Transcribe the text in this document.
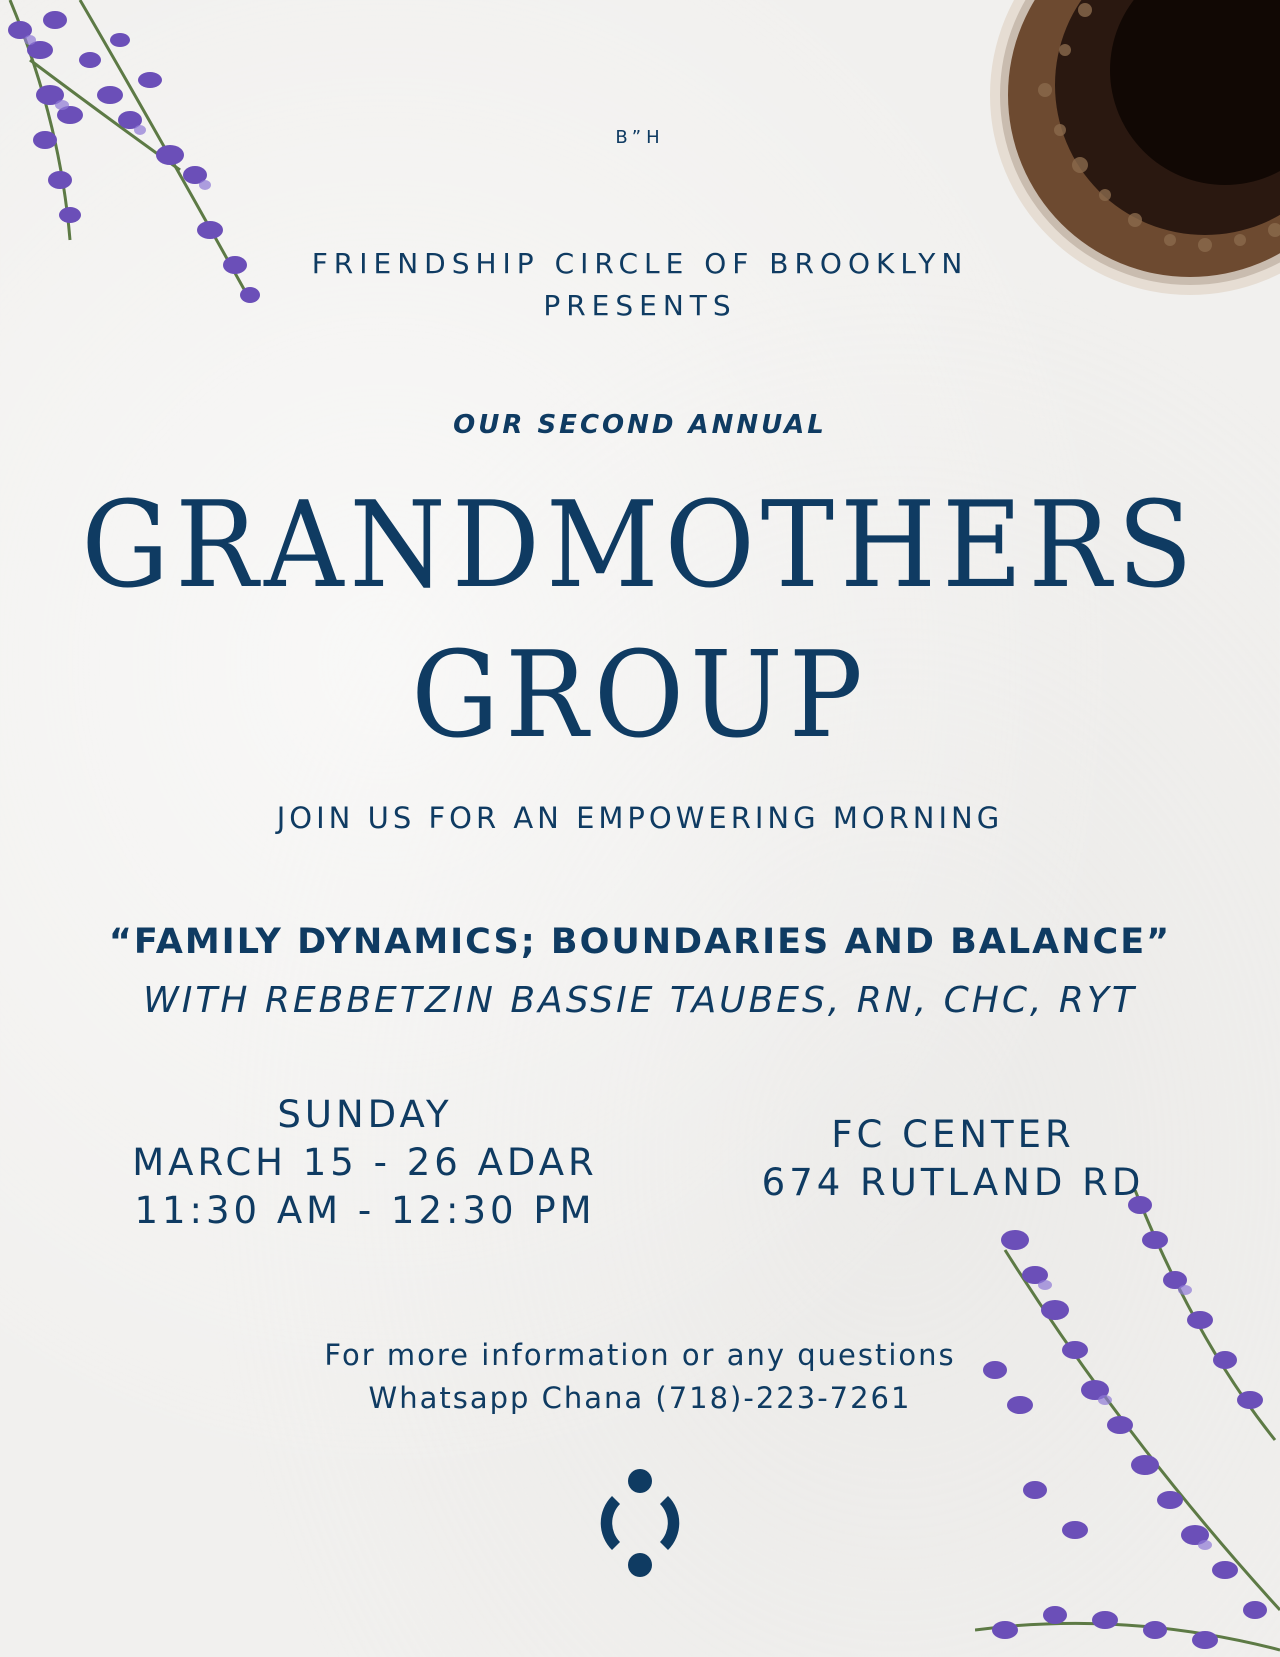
B”H
FRIENDSHIP CIRCLE OF BROOKLYN
PRESENTS
OUR SECOND ANNUAL
GRANDMOTHERS
GROUP
JOIN US FOR AN EMPOWERING MORNING
“FAMILY DYNAMICS; BOUNDARIES AND BALANCE”
WITH REBBETZIN BASSIE TAUBES, RN, CHC, RYT
SUNDAY
MARCH 15 - 26 ADAR
11:30 AM - 12:30 PM
FC CENTER
674 RUTLAND RD
For more information or any questions
Whatsapp Chana (718)-223-7261
